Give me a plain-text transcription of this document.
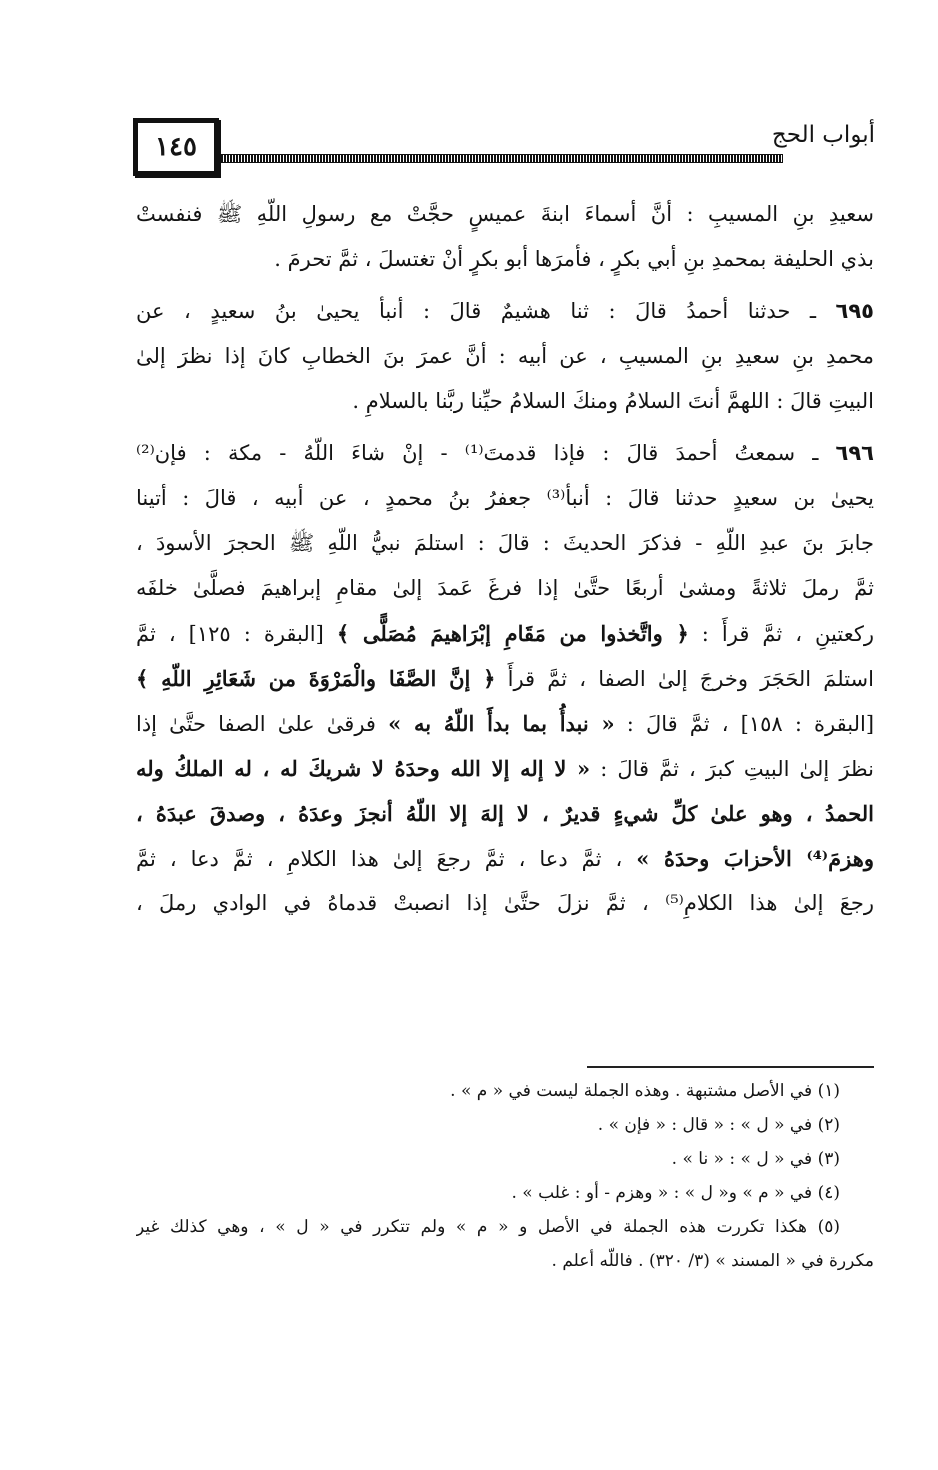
١٤٥	أبواب الحج
سعيدِ بنِ المسيبِ : أنَّ أسماءَ ابنةَ عميسٍ حجَّتْ مع رسولِ اللّهِ ﷺ فنفستْ
بذي الحليفة بمحمدِ بنِ أبي بكرٍ ، فأمرَها أبو بكرٍ أنْ تغتسلَ ، ثمَّ تحرمَ .
٦٩٥ ـ حدثنا أحمدُ قالَ : ثنا هشيمٌ قالَ : أنبأ يحيىٰ بنُ سعيدٍ ، عن
محمدِ بنِ سعيدِ بنِ المسيبِ ، عن أبيه : أنَّ عمرَ بنَ الخطابِ كانَ إذا نظرَ إلىٰ
البيتِ قالَ : اللهمَّ أنتَ السلامُ ومنكَ السلامُ حيِّنا ربَّنا بالسلامِ .
٦٩٦ ـ سمعتُ أحمدَ قالَ : فإذا قدمتَ⁽¹⁾ - إنْ شاءَ اللّهُ - مكة : فإن⁽²⁾
يحيىٰ بن سعيدٍ حدثنا قالَ : أنبأ⁽³⁾ جعفرُ بنُ محمدٍ ، عن أبيه ، قالَ : أتينا
جابرَ بنَ عبدِ اللّهِ - فذكرَ الحديثَ : قالَ : استلمَ نبيُّ اللّهِ ﷺ الحجرَ الأسودَ ،
ثمَّ رملَ ثلاثةً ومشىٰ أربعًا حتَّىٰ إذا فرغَ عَمدَ إلىٰ مقامِ إبراهيمَ فصلَّىٰ خلفَه
ركعتينِ ، ثمَّ قرأَ : ﴿ واتَّخذوا من مَقَامِ إبْرَاهيمَ مُصَلًّى ﴾ [البقرة : ١٢٥] ، ثمَّ
استلمَ الحَجَرَ وخرجَ إلىٰ الصفا ، ثمَّ قرأَ ﴿ إنَّ الصَّفَا والْمَرْوَةَ من شَعَائِرِ اللّهِ ﴾
[البقرة : ١٥٨] ، ثمَّ قالَ : « نبدأُ بما بدأَ اللّهُ به » فرقىٰ علىٰ الصفا حتَّىٰ إذا
نظرَ إلىٰ البيتِ كبرَ ، ثمَّ قالَ : « لا إله إلا الله وحدَهُ لا شريكَ له ، له الملكُ وله
الحمدُ ، وهو علىٰ كلِّ شيءٍ قديرٌ ، لا إلهَ إلا اللّهُ أنجزَ وعدَهُ ، وصدقَ عبدَهُ ،
وهزمَ⁽⁴⁾ الأحزابَ وحدَهُ » ، ثمَّ دعا ، ثمَّ رجعَ إلىٰ هذا الكلامِ ، ثمَّ دعا ، ثمَّ
رجعَ إلىٰ هذا الكلامِ⁽⁵⁾ ، ثمَّ نزلَ حتَّىٰ إذا انصبتْ قدماهُ في الوادي رملَ ،
(١) في الأصل مشتبهة . وهذه الجملة ليست في « م » .
(٢) في « ل » : « قال : « فإن » .
(٣) في « ل » : « نا » .
(٤) في « م » و« ل » : « وهزم - أو : غلب » .
(٥) هكذا تكررت هذه الجملة في الأصل و « م » ولم تتكرر في « ل » ، وهي كذلك غير
مكررة في « المسند » (٣/ ٣٢٠) . فاللّه أعلم .
